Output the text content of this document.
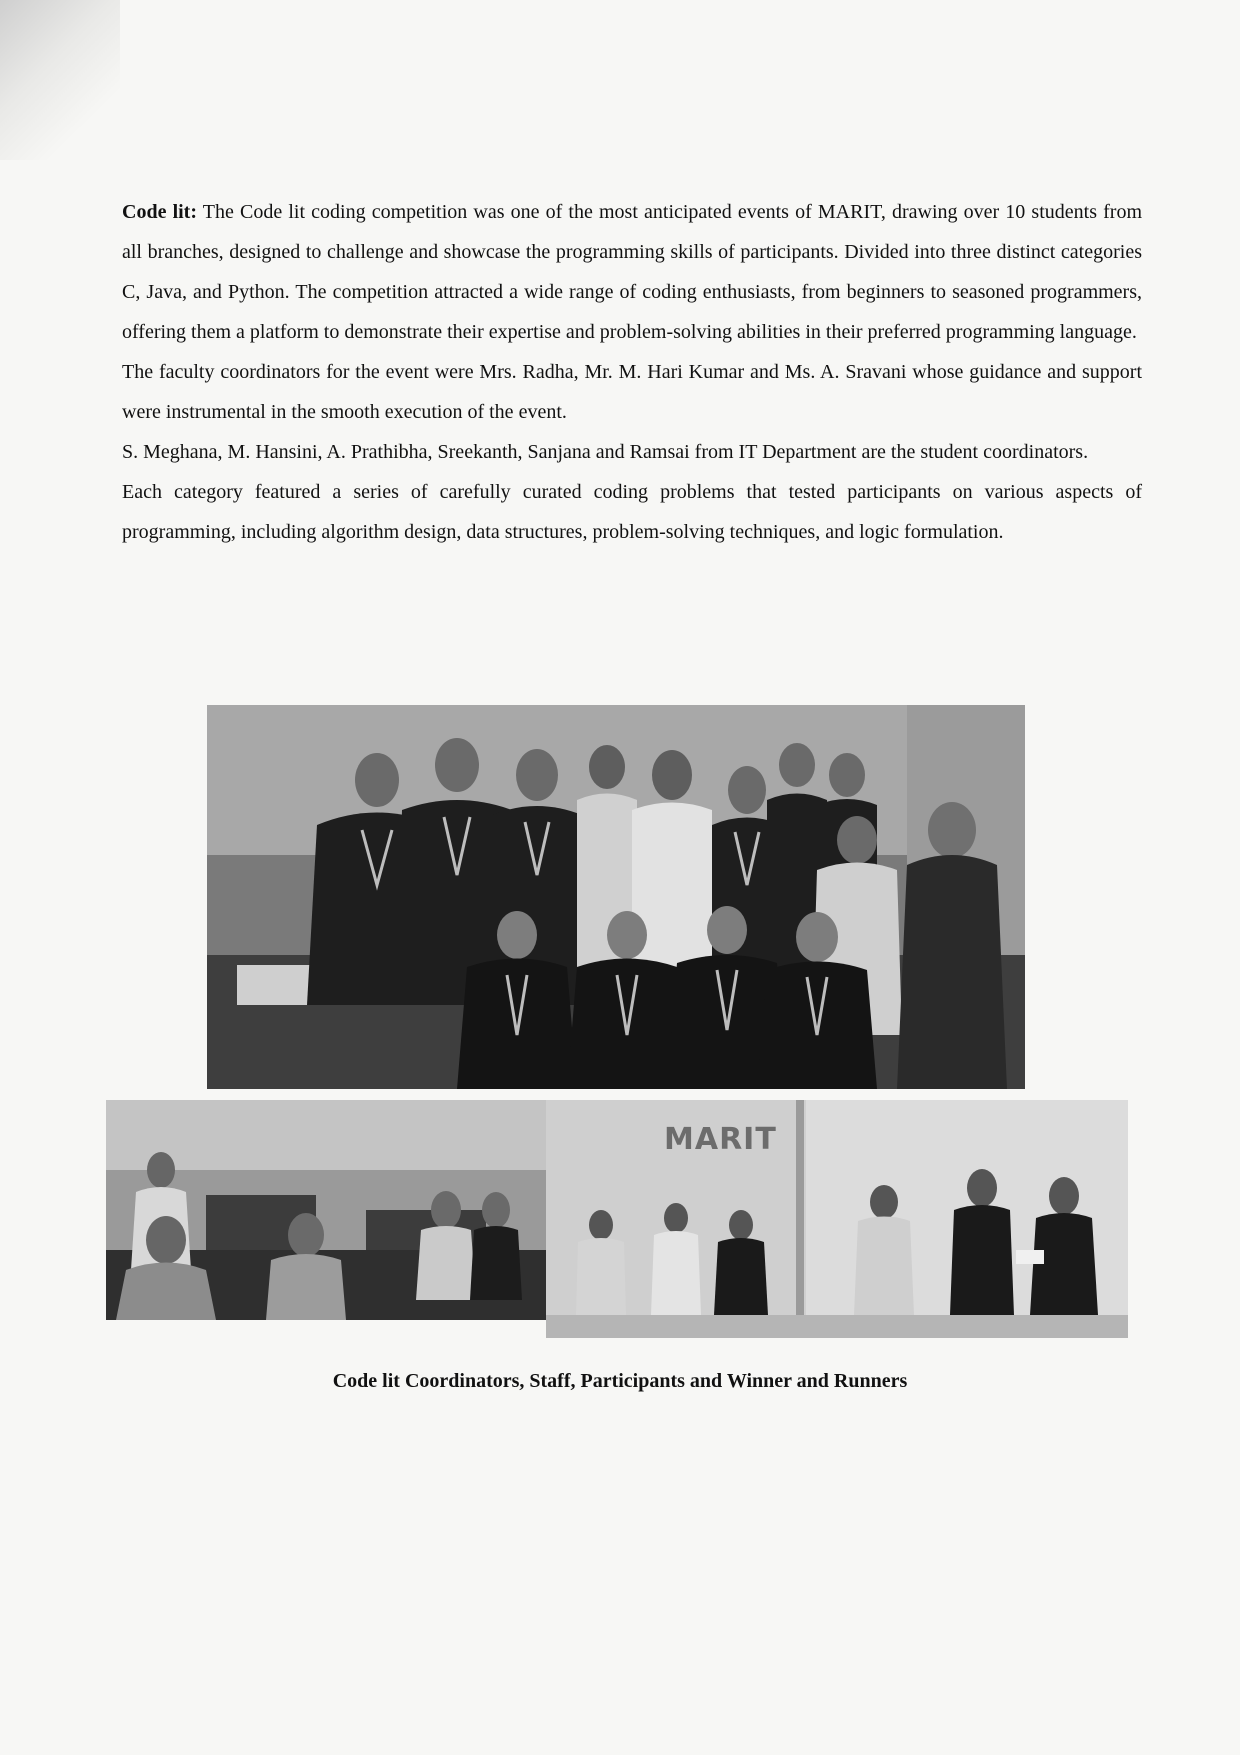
Code lit: The Code lit coding competition was one of the most anticipated events of MARIT, drawing over 10 students from all branches, designed to challenge and showcase the programming skills of participants. Divided into three distinct categories C, Java, and Python. The competition attracted a wide range of coding enthusiasts, from beginners to seasoned programmers, offering them a platform to demonstrate their expertise and problem-solving abilities in their preferred programming language.

The faculty coordinators for the event were Mrs. Radha, Mr. M. Hari Kumar and Ms. A. Sravani whose guidance and support were instrumental in the smooth execution of the event.

S. Meghana, M. Hansini, A. Prathibha, Sreekanth, Sanjana and Ramsai from IT Department are the student coordinators.

Each category featured a series of carefully curated coding problems that tested participants on various aspects of programming, including algorithm design, data structures, problem-solving techniques, and logic formulation.

MARIT
Code lit Coordinators, Staff, Participants and Winner and Runners
